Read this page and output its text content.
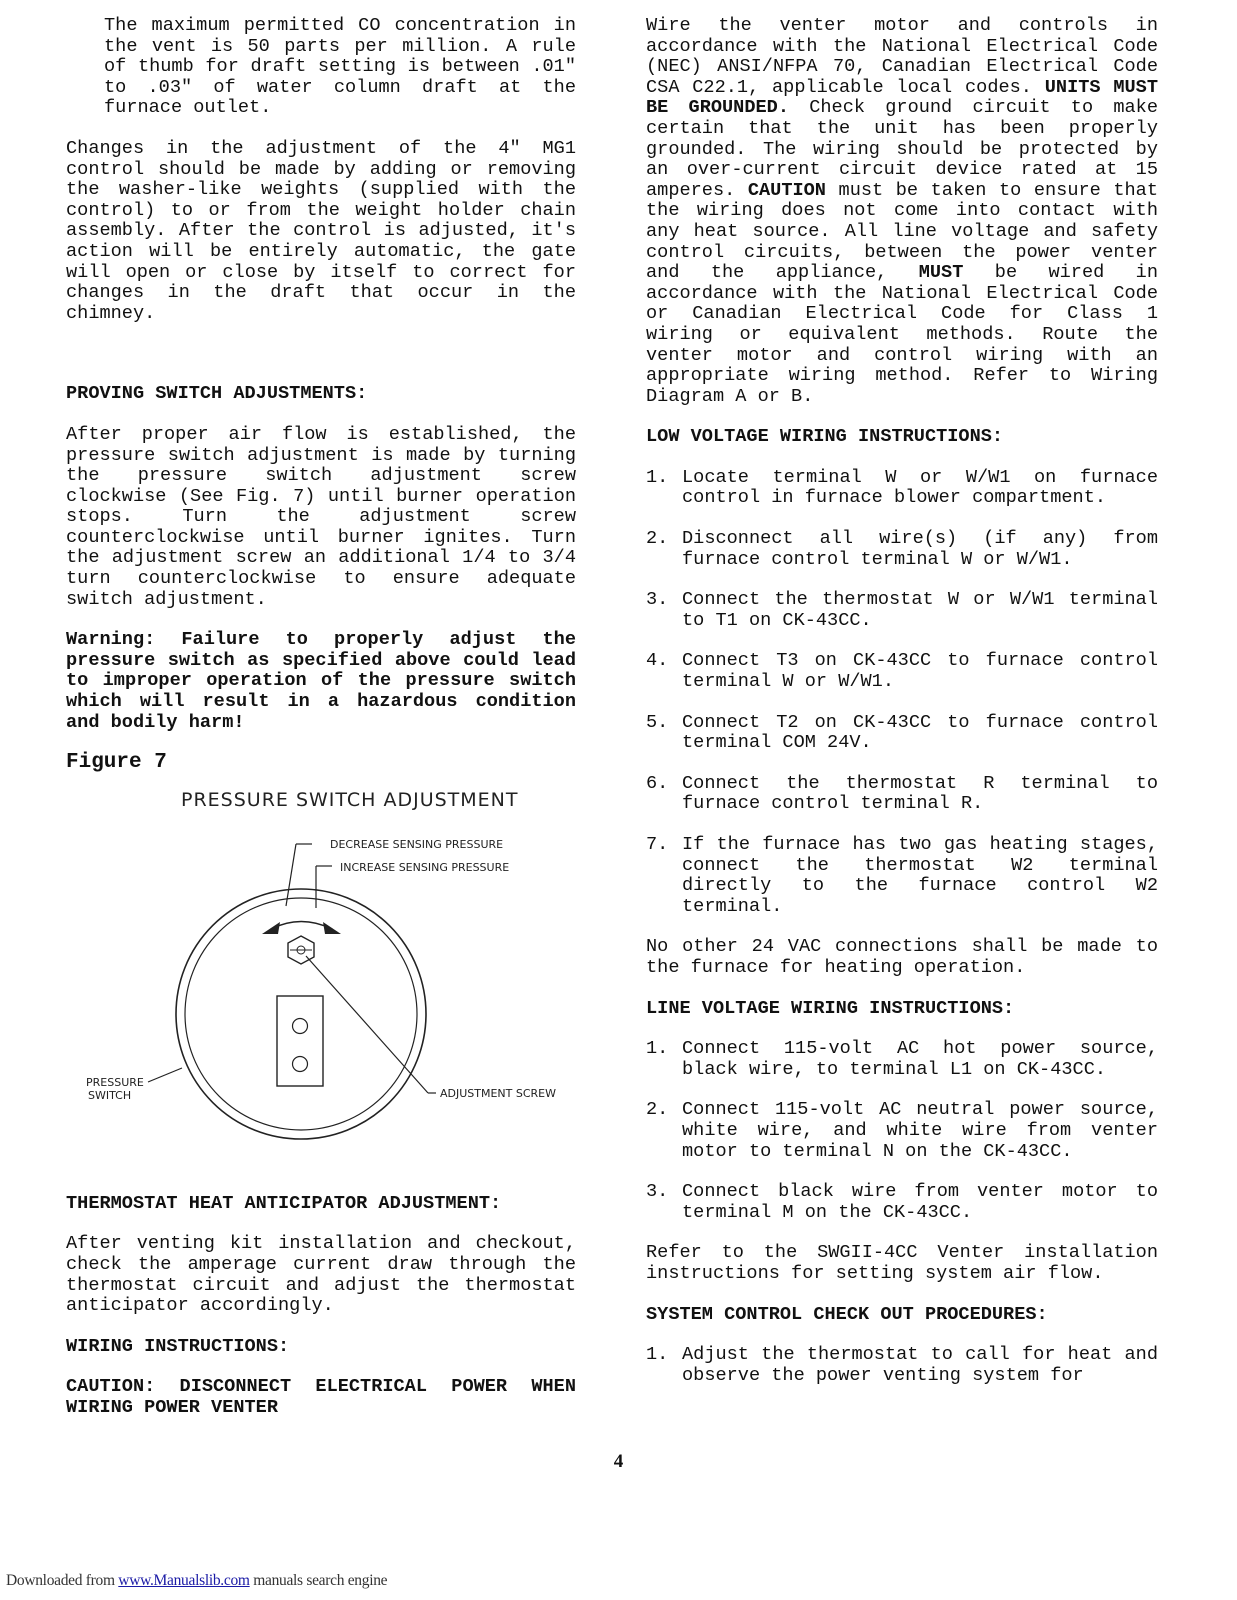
The maximum permitted CO concentration in the vent is 50 parts per million. A rule of thumb for draft setting is between .01" to .03" of water column draft at the furnace outlet.

Changes in the adjustment of the 4" MG1 control should be made by adding or removing the washer-like weights (supplied with the control) to or from the weight holder chain assembly. After the control is adjusted, it's action will be entirely automatic, the gate will open or close by itself to correct for changes in the draft that occur in the chimney.

PROVING SWITCH ADJUSTMENTS:

After proper air flow is established, the pressure switch adjustment is made by turning the pressure switch adjustment screw clockwise (See Fig. 7) until burner operation stops. Turn the adjustment screw counterclockwise until burner ignites. Turn the adjustment screw an additional 1/4 to 3/4 turn counterclockwise to ensure adequate switch adjustment.

Warning: Failure to properly adjust the pressure switch as specified above could lead to improper operation of the pressure switch which will result in a hazardous condition and bodily harm!

Figure 7
PRESSURE SWITCH ADJUSTMENT
DECREASE SENSING PRESSURE
INCREASE SENSING PRESSURE
ADJUSTMENT SCREW
PRESSURE
SWITCH
THERMOSTAT HEAT ANTICIPATOR ADJUSTMENT:

After venting kit installation and checkout, check the amperage current draw through the thermostat circuit and adjust the thermostat anticipator accordingly.

WIRING INSTRUCTIONS:

CAUTION: DISCONNECT ELECTRICAL POWER WHEN WIRING POWER VENTER

Wire the venter motor and controls in accordance with the National Electrical Code (NEC) ANSI/NFPA 70, Canadian Electrical Code CSA C22.1, applicable local codes. UNITS MUST BE GROUNDED. Check ground circuit to make certain that the unit has been properly grounded. The wiring should be protected by an over-current circuit device rated at 15 amperes. CAUTION must be taken to ensure that the wiring does not come into contact with any heat source. All line voltage and safety control circuits, between the power venter and the appliance, MUST be wired in accordance with the National Electrical Code or Canadian Electrical Code for Class 1 wiring or equivalent methods. Route the venter motor and control wiring with an appropriate wiring method. Refer to Wiring Diagram A or B.

LOW VOLTAGE WIRING INSTRUCTIONS:
1. Locate terminal W or W/W1 on furnace control in furnace blower compartment.
2. Disconnect all wire(s) (if any) from furnace control terminal W or W/W1.
3. Connect the thermostat W or W/W1 terminal to T1 on CK-43CC.
4. Connect T3 on CK-43CC to furnace control terminal W or W/W1.
5. Connect T2 on CK-43CC to furnace control terminal COM 24V.
6. Connect the thermostat R terminal to furnace control terminal R.
7. If the furnace has two gas heating stages, connect the thermostat W2 terminal directly to the furnace control W2 terminal.

No other 24 VAC connections shall be made to the furnace for heating operation.

LINE VOLTAGE WIRING INSTRUCTIONS:
1. Connect 115-volt AC hot power source, black wire, to terminal L1 on CK-43CC.
2. Connect 115-volt AC neutral power source, white wire, and white wire from venter motor to terminal N on the CK-43CC.
3. Connect black wire from venter motor to terminal M on the CK-43CC.

Refer to the SWGII-4CC Venter installation instructions for setting system air flow.

SYSTEM CONTROL CHECK OUT PROCEDURES:
1. Adjust the thermostat to call for heat and observe the power venting system for
4
Downloaded from www.Manualslib.com manuals search engine
